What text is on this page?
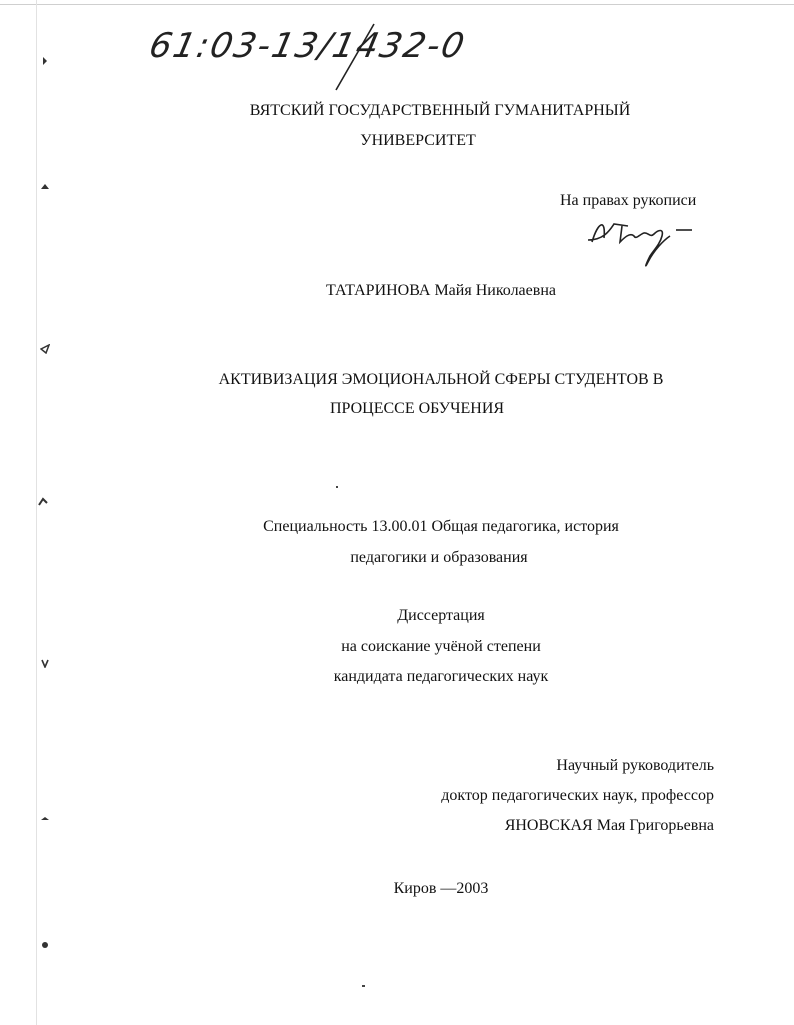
61:03-13/1432-0
ВЯТСКИЙ ГОСУДАРСТВЕННЫЙ ГУМАНИТАРНЫЙ
УНИВЕРСИТЕТ
На правах рукописи
ТАТАРИНОВА Майя Николаевна
АКТИВИЗАЦИЯ ЭМОЦИОНАЛЬНОЙ СФЕРЫ СТУДЕНТОВ В
ПРОЦЕССЕ ОБУЧЕНИЯ
Специальность 13.00.01 Общая педагогика, история
педагогики и образования
Диссертация
на соискание учёной степени
кандидата педагогических наук
Научный руководитель
доктор педагогических наук, профессор
ЯНОВСКАЯ Мая Григорьевна
Киров —2003
